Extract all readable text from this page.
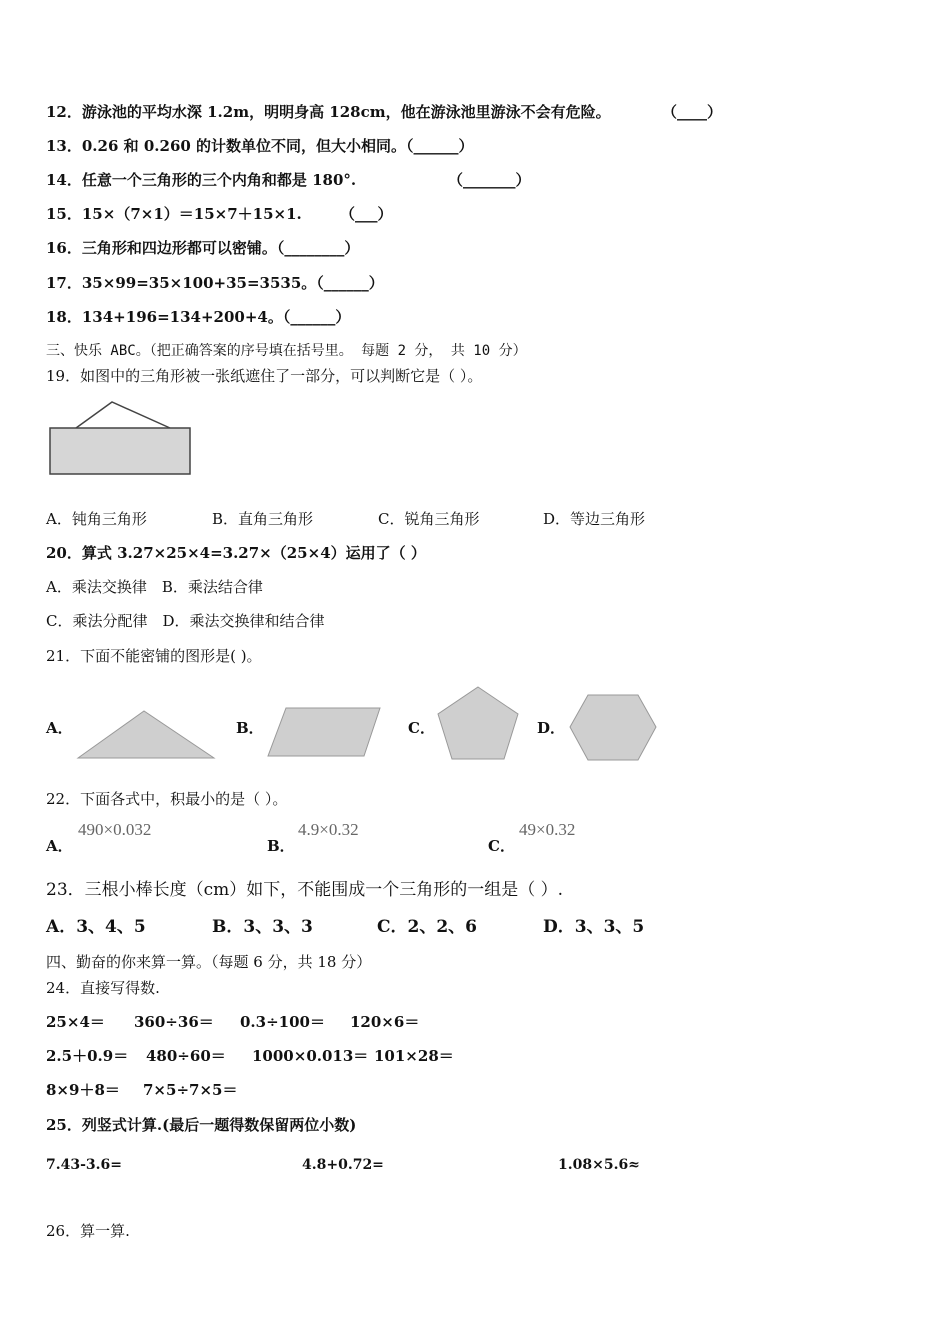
12．游泳池的平均水深 1.2m，明明身高 128cm，他在游泳池里游泳不会有危险。	（____）
13．0.26 和 0.260 的计数单位不同，但大小相同。（______）
14．任意一个三角形的三个内角和都是 180°.	（_______）
15．15×（7×1）＝15×7＋15×1.	（___）
16．三角形和四边形都可以密铺。（________）
17．35×99=35×100+35=3535。（______）
18．134+196=134+200+4。（______）
三、快乐 ABC。（把正确答案的序号填在括号里。 每题 2 分， 共 10 分）
19．如图中的三角形被一张纸遮住了一部分，可以判断它是（ ）。
A．钝角三角形	B．直角三角形	C．锐角三角形	D．等边三角形
20．算式 3.27×25×4=3.27×（25×4）运用了（ ）
A．乘法交换律　B．乘法结合律
C．乘法分配律　D．乘法交换律和结合律
21．下面不能密铺的图形是( )。
A．	B．	C．	D．
22．下面各式中，积最小的是（ ）。
A．
490×0.032
B．
4.9×0.32
C．
49×0.32
23．三根小棒长度（cm）如下，不能围成一个三角形的一组是（ ）.
A．3、4、5	B．3、3、3	C．2、2、6	D．3、3、5
四、勤奋的你来算一算。（每题 6 分，共 18 分）
24．直接写得数.
25×4＝ 360÷36＝ 0.3÷100＝ 120×6＝
2.5＋0.9＝ 480÷60＝ 1000×0.013＝ 101×28＝
8×9＋8＝ 7×5÷7×5＝
25．列竖式计算.(最后一题得数保留两位小数)
7.43-3.6=	4.8+0.72=	1.08×5.6≈
26．算一算.
